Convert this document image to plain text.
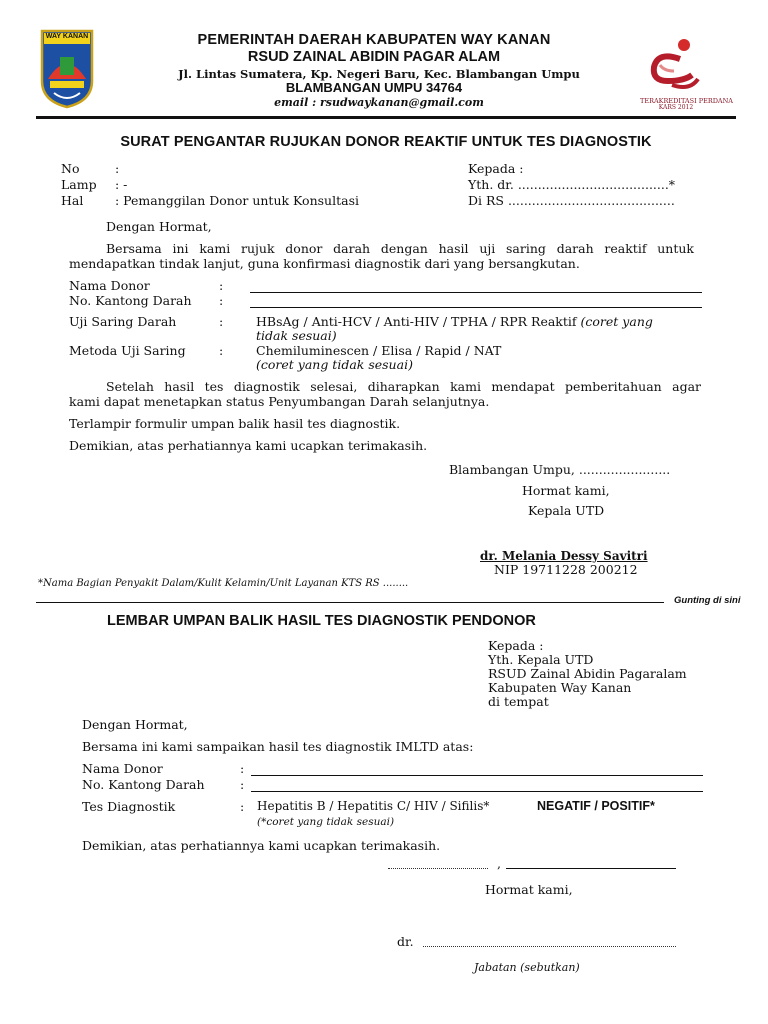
WAY KANAN
TERAKREDITASI PERDANA
KARS 2012
PEMERINTAH DAERAH KABUPATEN WAY KANAN
RSUD ZAINAL ABIDIN PAGAR ALAM
Jl. Lintas Sumatera, Kp. Negeri Baru, Kec. Blambangan Umpu
BLAMBANGAN UMPU 34764
email : rsudwaykanan@gmail.com
SURAT PENGANTAR RUJUKAN DONOR REAKTIF UNTUK TES DIAGNOSTIK
No	:
Lamp : -
Hal	: Pemanggilan Donor untuk Konsultasi
Kepada :
Yth. dr. ......................................*
Di RS ..........................................
Dengan Hormat,
Bersama ini kami rujuk donor darah dengan hasil uji saring darah reaktif untuk
mendapatkan tindak lanjut, guna konfirmasi diagnostik dari yang bersangkutan.
Nama Donor	:
No. Kantong Darah :
Uji Saring Darah	:	HBsAg / Anti-HCV / Anti-HIV / TPHA / RPR Reaktif (coret yang
tidak sesuai)
Metoda Uji Saring	:	Chemiluminescen / Elisa / Rapid / NAT
(coret yang tidak sesuai)
Setelah hasil tes diagnostik selesai, diharapkan kami mendapat pemberitahuan agar
kami dapat menetapkan status Penyumbangan Darah selanjutnya.
Terlampir formulir umpan balik hasil tes diagnostik.
Demikian, atas perhatiannya kami ucapkan terimakasih.
Blambangan Umpu, .......................
Hormat kami,
Kepala UTD
dr. Melania Dessy Savitri
NIP 19711228 200212
*Nama Bagian Penyakit Dalam/Kulit Kelamin/Unit Layanan KTS RS ........
Gunting di sini
LEMBAR UMPAN BALIK HASIL TES DIAGNOSTIK PENDONOR
Kepada :
Yth. Kepala UTD
RSUD Zainal Abidin Pagaralam
Kabupaten Way Kanan
di tempat
Dengan Hormat,
Bersama ini kami sampaikan hasil tes diagnostik IMLTD atas:
Nama Donor	:
No. Kantong Darah	:
Tes Diagnostik	: Hepatitis B / Hepatitis C/ HIV / Sifilis*	NEGATIF / POSITIF*
(*coret yang tidak sesuai)
Demikian, atas perhatiannya kami ucapkan terimakasih.
,
Hormat kami,
dr.
Jabatan (sebutkan)
